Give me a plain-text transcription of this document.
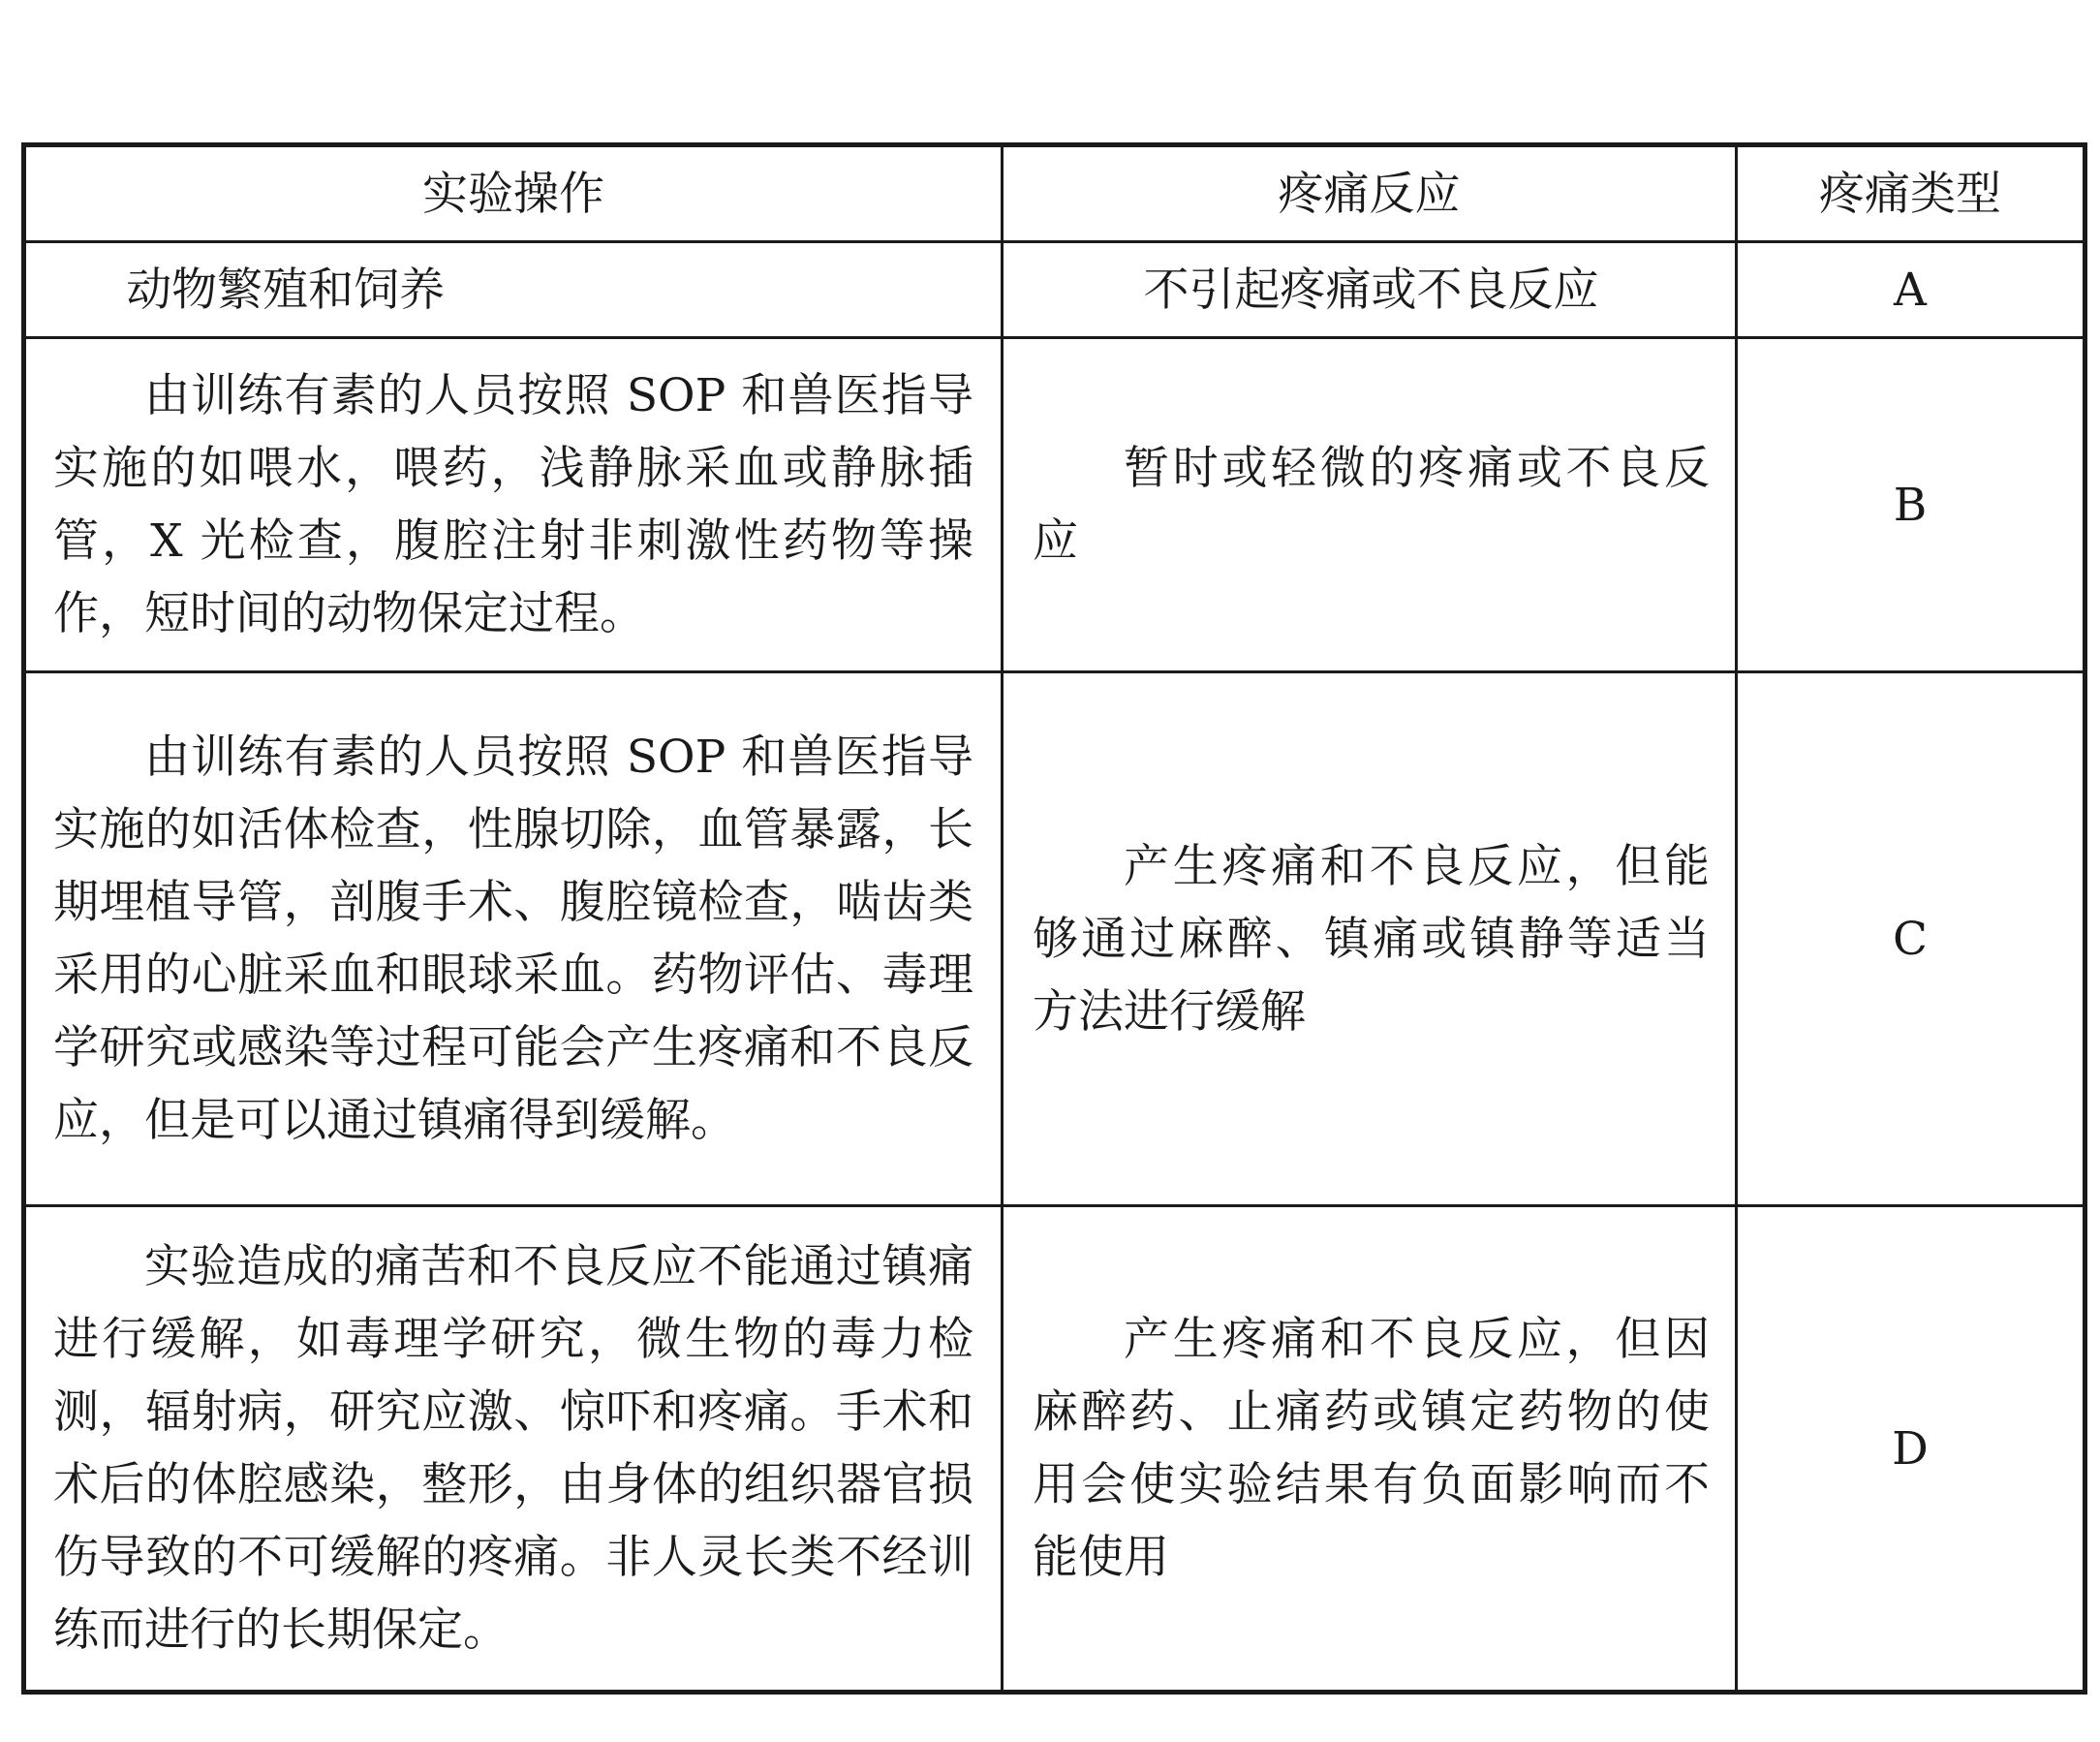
实验操作	疼痛反应	疼痛类型
动物繁殖和饲养	不引起疼痛或不良反应	A
由训练有素的人员按照 SOP 和兽医指导实施的如喂水，喂药，浅静脉采血或静脉插管，X 光检查，腹腔注射非刺激性药物等操作，短时间的动物保定过程。	暂时或轻微的疼痛或不良反应	B
由训练有素的人员按照 SOP 和兽医指导实施的如活体检查，性腺切除，血管暴露，长期埋植导管，剖腹手术、腹腔镜检查，啮齿类采用的心脏采血和眼球采血。药物评估、毒理学研究或感染等过程可能会产生疼痛和不良反应，但是可以通过镇痛得到缓解。	产生疼痛和不良反应，但能够通过麻醉、镇痛或镇静等适当方法进行缓解	C
实验造成的痛苦和不良反应不能通过镇痛进行缓解，如毒理学研究，微生物的毒力检测，辐射病，研究应激、惊吓和疼痛。手术和术后的体腔感染，整形，由身体的组织器官损伤导致的不可缓解的疼痛。非人灵长类不经训练而进行的长期保定。	产生疼痛和不良反应，但因麻醉药、止痛药或镇定药物的使用会使实验结果有负面影响而不能使用	D
